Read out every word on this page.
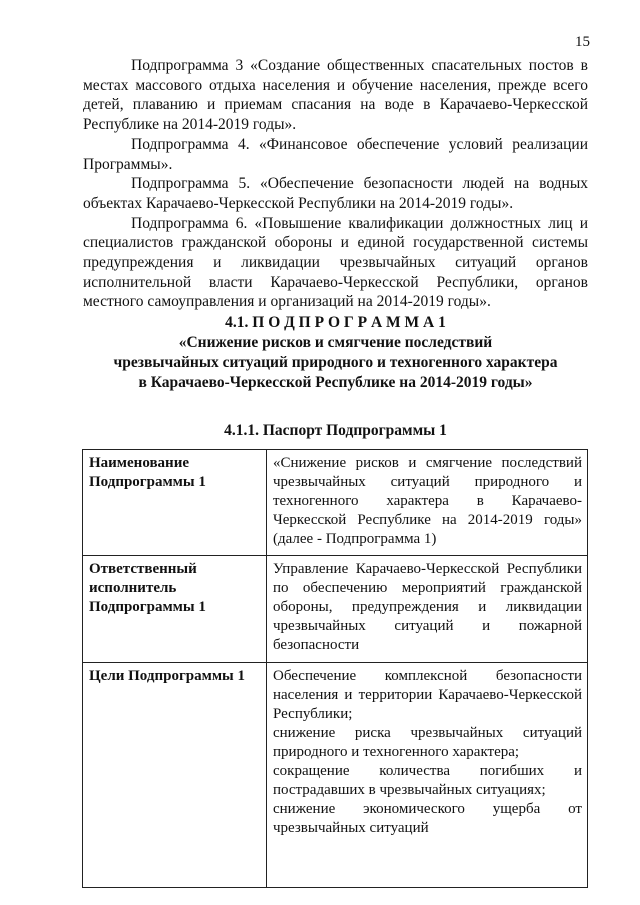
15

Подпрограмма 3 «Создание общественных спасательных постов в местах массового отдыха населения и обучение населения, прежде всего детей, плаванию и приемам спасания на воде в Карачаево-Черкесской Республике на 2014-2019 годы».

Подпрограмма 4. «Финансовое обеспечение условий реализации Программы».

Подпрограмма 5. «Обеспечение безопасности людей на водных объектах Карачаево-Черкесской Республики на 2014-2019 годы».

Подпрограмма 6. «Повышение квалификации должностных лиц и специалистов гражданской обороны и единой государственной системы предупреждения и ликвидации чрезвычайных ситуаций органов исполнительной власти Карачаево-Черкесской Республики, органов местного самоуправления и организаций на 2014-2019 годы».

4.1. П О Д П Р О Г Р А М М А 1
«Снижение рисков и смягчение последствий
чрезвычайных ситуаций природного и техногенного характера
в Карачаево-Черкесской Республике на 2014-2019 годы»
4.1.1. Паспорт Подпрограммы 1
Наименование Подпрограммы 1	«Снижение рисков и смягчение последствий чрезвычайных ситуаций природного и техногенного характера в Карачаево-Черкесской Республике на 2014-2019 годы» (далее - Подпрограмма 1)

Ответственный исполнитель Подпрограммы 1	Управление Карачаево-Черкесской Республики по обеспечению мероприятий гражданской обороны, предупреждения и ликвидации чрезвычайных ситуаций и пожарной безопасности

Цели Подпрограммы 1	Обеспечение комплексной безопасности населения и территории Карачаево-Черкесской Республики;
снижение риска чрезвычайных ситуаций природного и техногенного характера;
сокращение количества погибших и пострадавших в чрезвычайных ситуациях;
снижение экономического ущерба от чрезвычайных ситуаций
